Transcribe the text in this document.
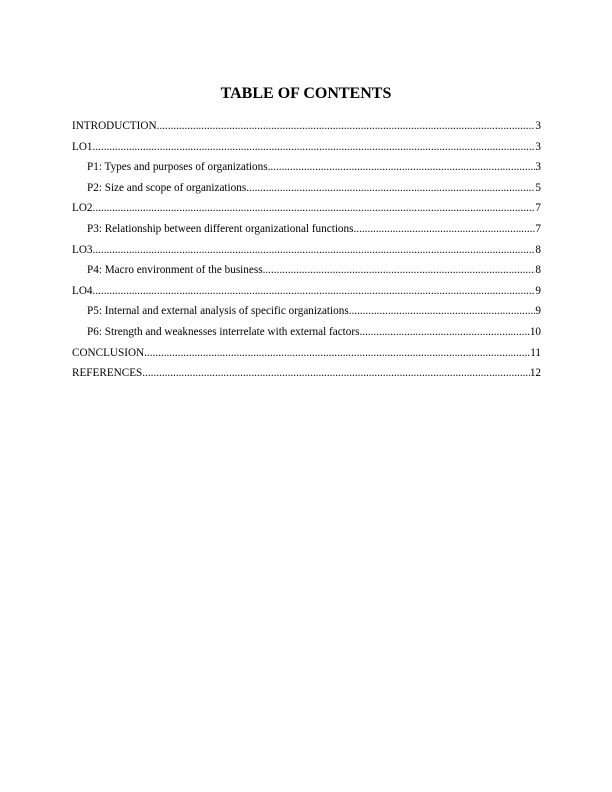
TABLE OF CONTENTS
INTRODUCTION .....	3
LO1 .....	3
P1: Types and purposes of organizations .....	3
P2: Size and scope of organizations .....	5
LO2 .....	7
P3: Relationship between different organizational functions .....	7
LO3 .....	8
P4: Macro environment of the business .....	8
LO4 .....	9
P5: Internal and external analysis of specific organizations .....	9
P6: Strength and weaknesses interrelate with external factors .....	10
CONCLUSION .....	11
REFERENCES .....	12
